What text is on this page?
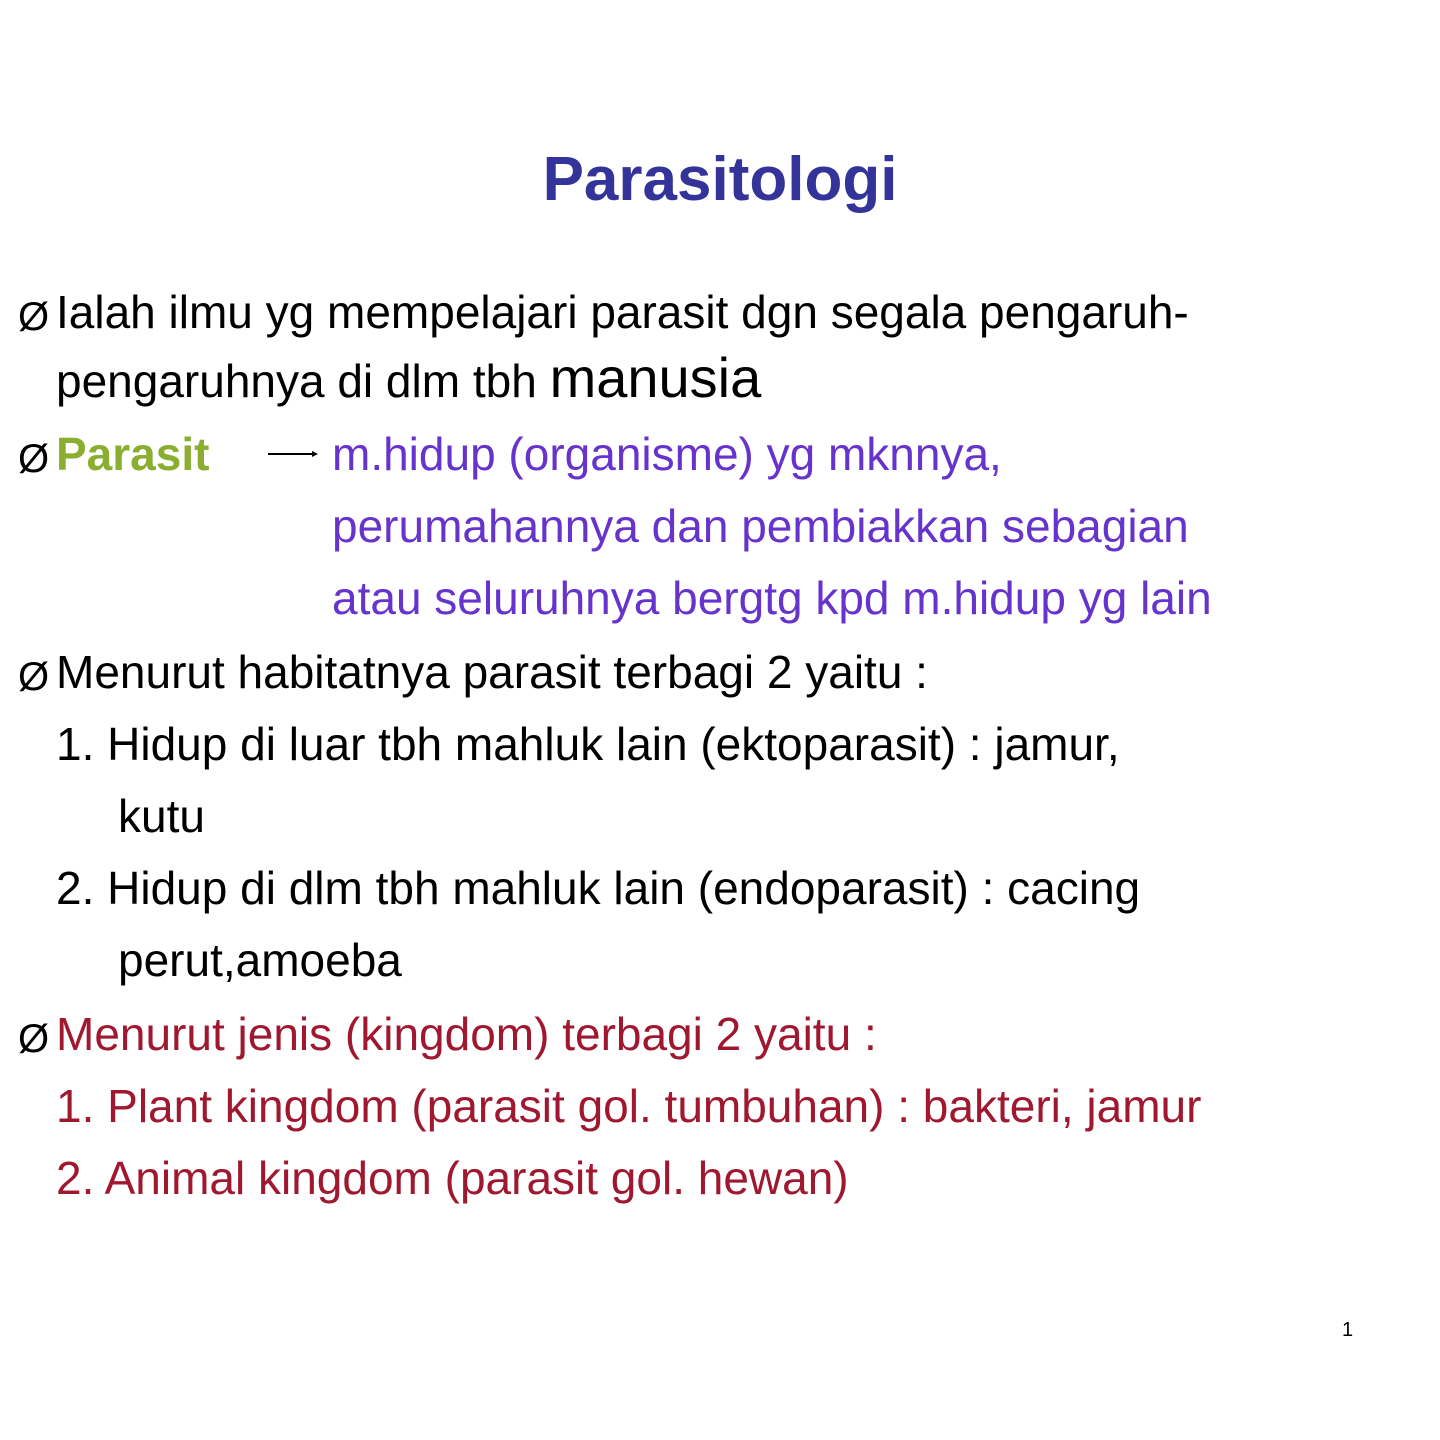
Parasitologi
Ø Ialah ilmu yg mempelajari parasit dgn segala pengaruh-
pengaruhnya di dlm tbh manusia
Ø Parasit	m.hidup (organisme) yg mknnya,
perumahannya dan pembiakkan sebagian
atau seluruhnya bergtg kpd m.hidup yg lain
Ø Menurut habitatnya parasit terbagi 2 yaitu :
1. Hidup di luar tbh mahluk lain (ektoparasit) : jamur,
kutu
2. Hidup di dlm tbh mahluk lain (endoparasit) : cacing
perut,amoeba
Ø Menurut jenis (kingdom) terbagi 2 yaitu :
1. Plant kingdom (parasit gol. tumbuhan) : bakteri, jamur
2. Animal kingdom (parasit gol. hewan)
1
